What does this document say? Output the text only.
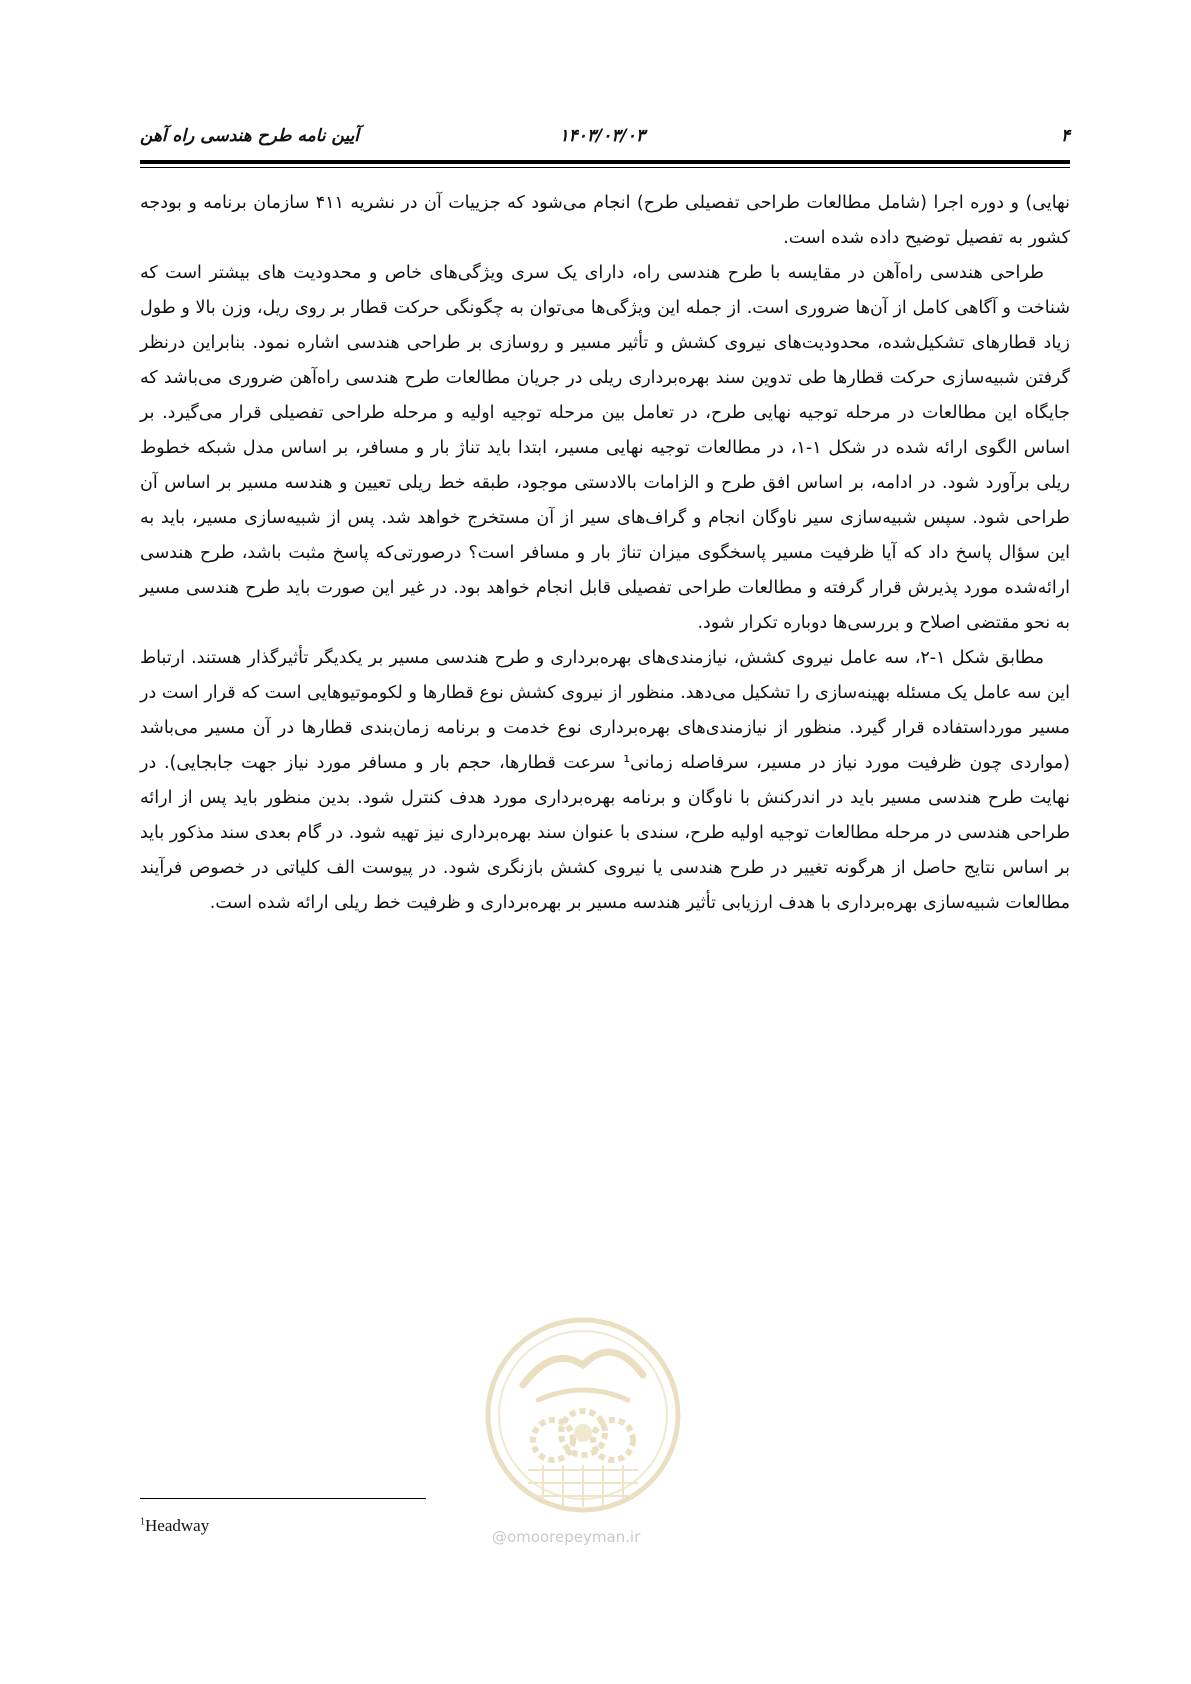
۴
۱۴۰۳/۰۳/۰۳
آیین نامه طرح هندسی راه آهن

نهایی) و دوره اجرا (شامل مطالعات طراحی تفصیلی طرح) انجام می‌شود که جزییات آن در نشریه ۴۱۱ سازمان برنامه و بودجه کشور به تفصیل توضیح داده شده است.

طراحی هندسی راه‌آهن در مقایسه با طرح هندسی راه، دارای یک سری ویژگی‌های خاص و محدودیت های بیشتر است که شناخت و آگاهی کامل از آن‌ها ضروری است. از جمله این ویژگی‌ها می‌توان به چگونگی حرکت قطار بر روی ریل، وزن بالا و طول زیاد قطارهای تشکیل‌شده، محدودیت‌های نیروی کشش و تأثیر مسیر و روسازی بر طراحی هندسی اشاره نمود. بنابراین درنظر گرفتن شبیه‌سازی حرکت قطارها طی تدوین سند بهره‌برداری ریلی در جریان مطالعات طرح هندسی راه‌آهن ضروری می‌باشد که جایگاه این مطالعات در مرحله توجیه نهایی طرح، در تعامل بین مرحله توجیه اولیه و مرحله طراحی تفصیلی قرار می‌گیرد. بر اساس الگوی ارائه شده در شکل ۱-۱، در مطالعات توجیه نهایی مسیر، ابتدا باید تناژ بار و مسافر، بر اساس مدل شبکه خطوط ریلی برآورد شود. در ادامه، بر اساس افق طرح و الزامات بالادستی موجود، طبقه خط ریلی تعیین و هندسه مسیر بر اساس آن طراحی شود. سپس شبیه‌سازی سیر ناوگان انجام و گراف‌های سیر از آن مستخرج خواهد شد. پس از شبیه‌سازی مسیر، باید به این سؤال پاسخ داد که آیا ظرفیت مسیر پاسخگوی میزان تناژ بار و مسافر است؟ درصورتی‌که پاسخ مثبت باشد، طرح هندسی ارائه‌شده مورد پذیرش قرار گرفته و مطالعات طراحی تفصیلی قابل انجام خواهد بود. در غیر این صورت باید طرح هندسی مسیر به نحو مقتضی اصلاح و بررسی‌ها دوباره تکرار شود.

مطابق شکل ۱-۲، سه عامل نیروی کشش، نیازمندی‌های بهره‌برداری و طرح هندسی مسیر بر یکدیگر تأثیرگذار هستند. ارتباط این سه عامل یک مسئله بهینه‌سازی را تشکیل می‌دهد. منظور از نیروی کشش نوع قطارها و لکوموتیوهایی است که قرار است در مسیر مورداستفاده قرار گیرد. منظور از نیازمندی‌های بهره‌برداری نوع خدمت و برنامه زمان‌بندی قطارها در آن مسیر می‌باشد (مواردی چون ظرفیت مورد نیاز در مسیر، سرفاصله زمانی¹ سرعت قطارها، حجم بار و مسافر مورد نیاز جهت جابجایی). در نهایت طرح هندسی مسیر باید در اندرکنش با ناوگان و برنامه بهره‌برداری مورد هدف کنترل شود. بدین منظور باید پس از ارائه طراحی هندسی در مرحله مطالعات توجیه اولیه طرح، سندی با عنوان سند بهره‌برداری نیز تهیه شود. در گام بعدی سند مذکور باید بر اساس نتایج حاصل از هرگونه تغییر در طرح هندسی یا نیروی کشش بازنگری شود. در پیوست الف کلیاتی در خصوص فرآیند مطالعات شبیه‌سازی بهره‌برداری با هدف ارزیابی تأثیر هندسه مسیر بر بهره‌برداری و ظرفیت خط ریلی ارائه شده است.

@omoorepeyman.ir
$^1$Headway
